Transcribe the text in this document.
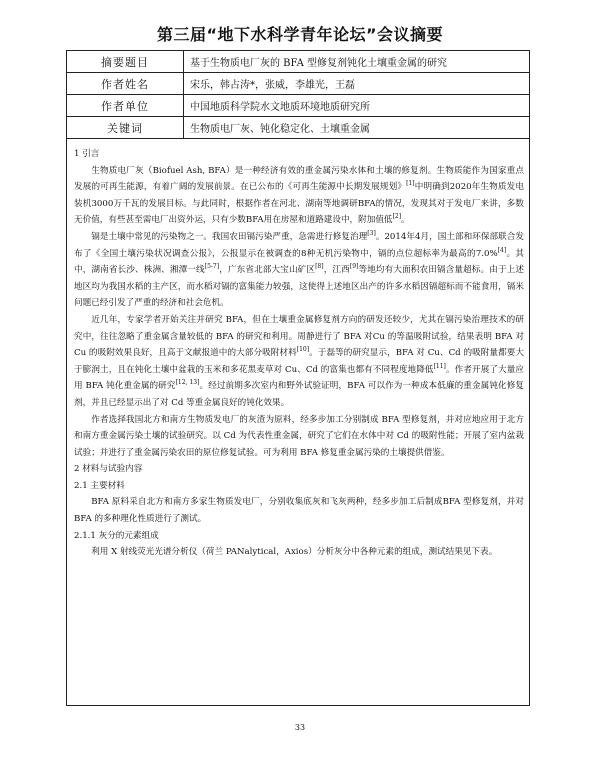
第三届“地下水科学青年论坛”会议摘要
摘要题目	基于生物质电厂灰的 BFA 型修复剂钝化土壤重金属的研究
作者姓名	宋乐，韩占涛*，张威，李雄光，王磊
作者单位	中国地质科学院水文地质环境地质研究所
关键词	生物质电厂灰、钝化稳定化、土壤重金属

1 引言

生物质电厂灰（Biofuel Ash, BFA）是一种经济有效的重金属污染水体和土壤的修复剂。生物质能作为国家重点发展的可再生能源，有着广阔的发展前景。在已公布的《可再生能源中长期发展规划》[1]中明确到2020年生物质发电装机3000万千瓦的发展目标。与此同时，根据作者在河北、湖南等地调研BFA的情况，发现其对于发电厂来讲，多数无价值，有些甚至需电厂出资外运，只有少数BFA用在房屋和道路建设中，附加值低[2]。

镉是土壤中常见的污染物之一。我国农田镉污染严重，急需进行修复治理[3]。2014年4月，国土部和环保部联合发布了《全国土壤污染状况调查公报》，公报显示在被调查的8种无机污染物中，镉的点位超标率为最高的7.0%[4]。其中，湖南省长沙、株洲、湘潭一线[5-7]，广东省北部大宝山矿区[8]，江西[9]等地均有大面积农田镉含量超标。由于上述地区均为我国水稻的主产区，而水稻对镉的富集能力较强，这使得上述地区出产的许多水稻因镉超标而不能食用，镉米问题已经引发了严重的经济和社会危机。

近几年，专家学者开始关注并研究 BFA，但在土壤重金属修复剂方向的研发还较少，尤其在镉污染治理技术的研究中，往往忽略了重金属含量较低的 BFA 的研究和利用。周静进行了 BFA 对Cu 的等温吸附试验，结果表明 BFA 对 Cu 的吸附效果良好，且高于文献报道中的大部分吸附材料[10]。于磊等的研究显示，BFA 对 Cu、Cd 的吸附量都要大于膨润土，且在钝化土壤中盆栽的玉米和多花黑麦草对 Cu、Cd 的富集也都有不同程度地降低[11]。作者开展了大量应用 BFA 钝化重金属的研究[12, 13]。经过前期多次室内和野外试验证明，BFA 可以作为一种成本低廉的重金属钝化修复剂，并且已经显示出了对 Cd 等重金属良好的钝化效果。

作者选择我国北方和南方生物质发电厂的灰渣为原料，经多步加工分别制成 BFA 型修复剂，并对应地应用于北方和南方重金属污染土壤的试验研究。以 Cd 为代表性重金属，研究了它们在水体中对 Cd 的吸附性能；开展了室内盆栽试验；并进行了重金属污染农田的原位修复试验。可为利用 BFA 修复重金属污染的土壤提供借鉴。

2 材料与试验内容

2.1 主要材料

BFA 原料采自北方和南方多家生物质发电厂，分别收集底灰和飞灰两种，经多步加工后制成BFA 型修复剂，并对 BFA 的多种理化性质进行了测试。

2.1.1 灰分的元素组成

利用 X 射线荧光光谱分析仪（荷兰 PANalytical，Axios）分析灰分中各种元素的组成，测试结果见下表。

33
